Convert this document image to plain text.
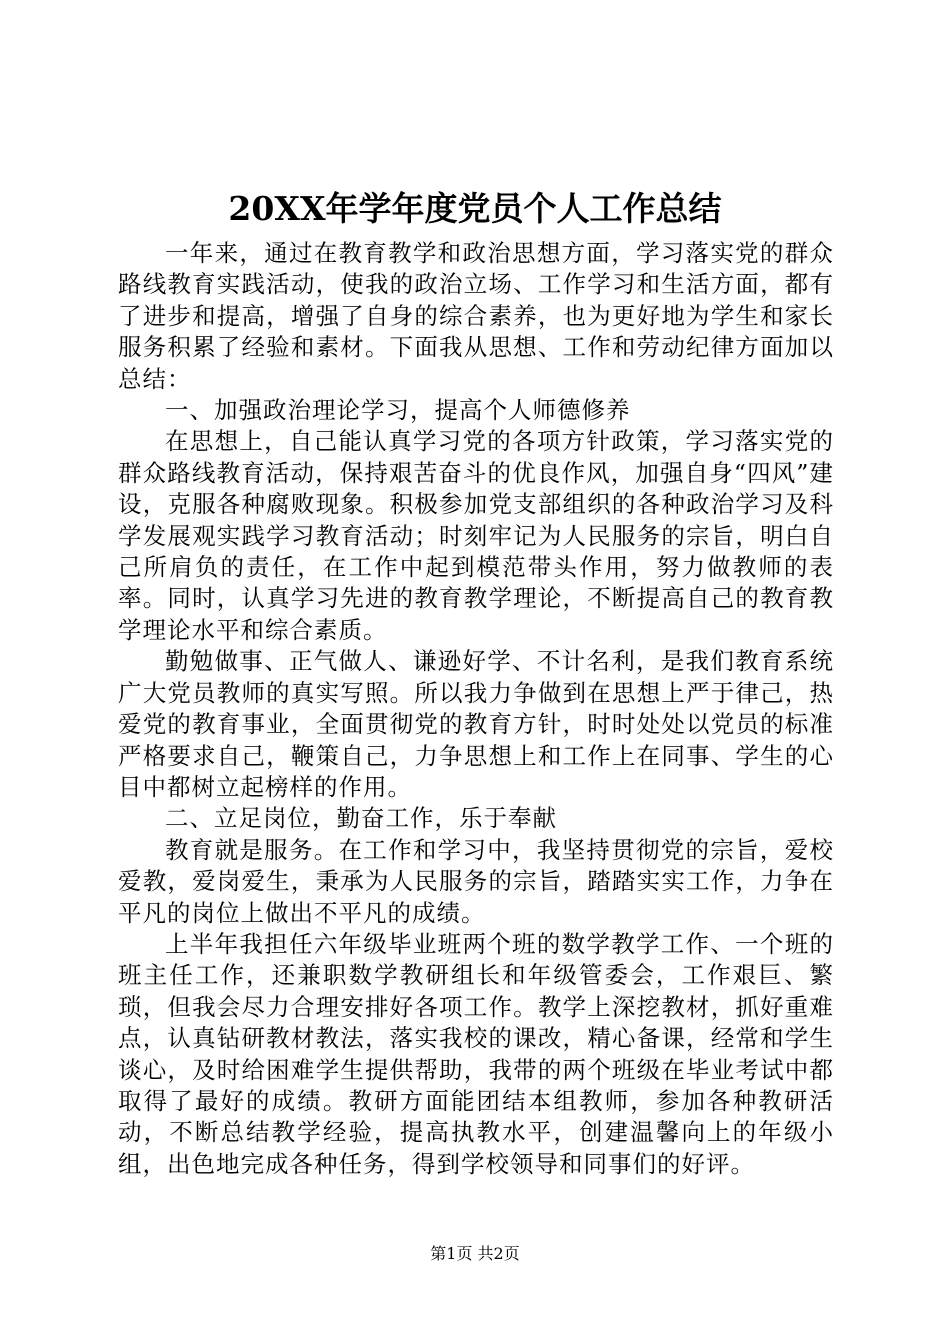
20XX年学年度党员个人工作总结

一年来，通过在教育教学和政治思想方面，学习落实党的群众路线教育实践活动，使我的政治立场、工作学习和生活方面，都有了进步和提高，增强了自身的综合素养，也为更好地为学生和家长服务积累了经验和素材。下面我从思想、工作和劳动纪律方面加以总结：

一、加强政治理论学习，提高个人师德修养

在思想上，自己能认真学习党的各项方针政策，学习落实党的群众路线教育活动，保持艰苦奋斗的优良作风，加强自身“四风”建设，克服各种腐败现象。积极参加党支部组织的各种政治学习及科学发展观实践学习教育活动；时刻牢记为人民服务的宗旨，明白自己所肩负的责任，在工作中起到模范带头作用，努力做教师的表率。同时，认真学习先进的教育教学理论，不断提高自己的教育教学理论水平和综合素质。

勤勉做事、正气做人、谦逊好学、不计名利，是我们教育系统广大党员教师的真实写照。所以我力争做到在思想上严于律己，热爱党的教育事业，全面贯彻党的教育方针，时时处处以党员的标准严格要求自己，鞭策自己，力争思想上和工作上在同事、学生的心目中都树立起榜样的作用。

二、立足岗位，勤奋工作，乐于奉献

教育就是服务。在工作和学习中，我坚持贯彻党的宗旨，爱校爱教，爱岗爱生，秉承为人民服务的宗旨，踏踏实实工作，力争在平凡的岗位上做出不平凡的成绩。

上半年我担任六年级毕业班两个班的数学教学工作、一个班的班主任工作，还兼职数学教研组长和年级管委会，工作艰巨、繁琐，但我会尽力合理安排好各项工作。教学上深挖教材，抓好重难点，认真钻研教材教法，落实我校的课改，精心备课，经常和学生谈心，及时给困难学生提供帮助，我带的两个班级在毕业考试中都取得了最好的成绩。教研方面能团结本组教师，参加各种教研活动，不断总结教学经验，提高执教水平，创建温馨向上的年级小组，出色地完成各种任务，得到学校领导和同事们的好评。

第1页 共2页
